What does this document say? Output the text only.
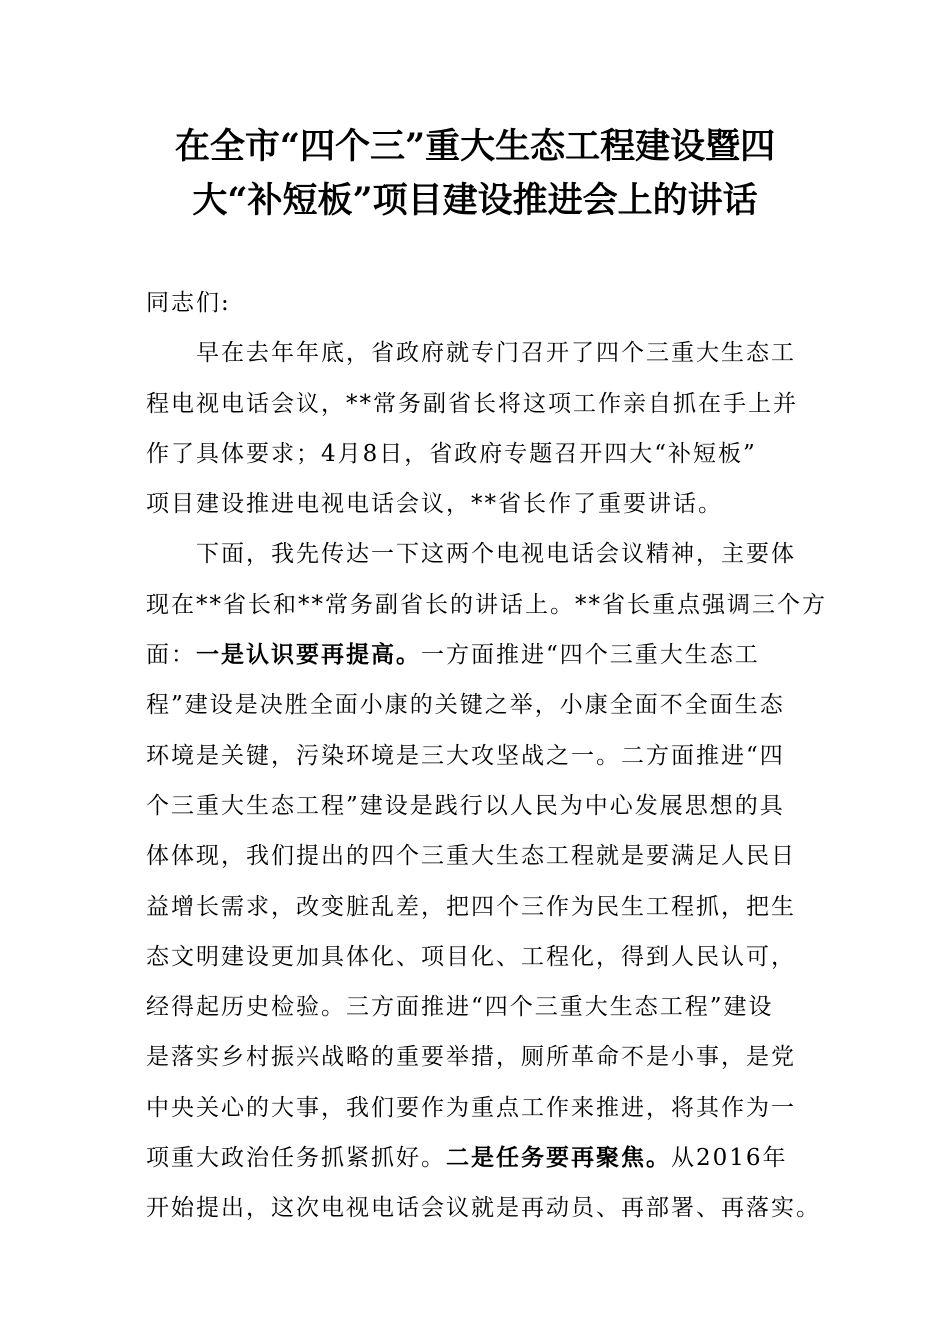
在全市“四个三”重大生态工程建设暨四
大“补短板”项目建设推进会上的讲话
同志们:
早在去年年底，省政府就专门召开了四个三重大生态工
程电视电话会议，**常务副省长将这项工作亲自抓在手上并
作了具体要求；4月8日，省政府专题召开四大“补短板”
项目建设推进电视电话会议，**省长作了重要讲话。
下面，我先传达一下这两个电视电话会议精神，主要体
现在**省长和**常务副省长的讲话上。**省长重点强调三个方
面：一是认识要再提高。一方面推进“四个三重大生态工
程”建设是决胜全面小康的关键之举，小康全面不全面生态
环境是关键，污染环境是三大攻坚战之一。二方面推进“四
个三重大生态工程”建设是践行以人民为中心发展思想的具
体体现，我们提出的四个三重大生态工程就是要满足人民日
益增长需求，改变脏乱差，把四个三作为民生工程抓，把生
态文明建设更加具体化、项目化、工程化，得到人民认可，
经得起历史检验。三方面推进“四个三重大生态工程”建设
是落实乡村振兴战略的重要举措，厕所革命不是小事，是党
中央关心的大事，我们要作为重点工作来推进，将其作为一
项重大政治任务抓紧抓好。二是任务要再聚焦。从2016年
开始提出，这次电视电话会议就是再动员、再部署、再落实。
